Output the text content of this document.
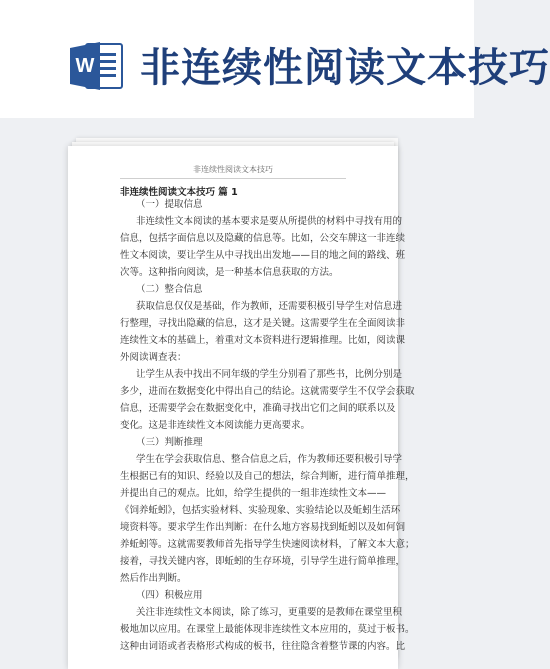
W 非连续性阅读文本技巧
非连续性阅读文本技巧
非连续性阅读文本技巧 篇 1
（一）提取信息
非连续性文本阅读的基本要求是要从所提供的材料中寻找有用的
信息，包括字面信息以及隐藏的信息等。比如，公交车牌这一非连续
性文本阅读，要让学生从中寻找出出发地——目的地之间的路线、班
次等。这种指向阅读，是一种基本信息获取的方法。
（二）整合信息
获取信息仅仅是基础，作为教师，还需要积极引导学生对信息进
行整理，寻找出隐藏的信息，这才是关键。这需要学生在全面阅读非
连续性文本的基础上，着重对文本资料进行逻辑推理。比如，阅读课
外阅读调查表：
让学生从表中找出不同年级的学生分别看了那些书，比例分别是
多少，进而在数据变化中得出自己的结论。这就需要学生不仅学会获取
信息，还需要学会在数据变化中，准确寻找出它们之间的联系以及
变化。这是非连续性文本阅读能力更高要求。
（三）判断推理
学生在学会获取信息、整合信息之后，作为教师还要积极引导学
生根据已有的知识、经验以及自己的想法，综合判断，进行简单推理，
并提出自己的观点。比如，给学生提供的一组非连续性文本——
《饲养蚯蚓》，包括实验材料、实验现象、实验结论以及蚯蚓生活环
境资料等。要求学生作出判断：在什么地方容易找到蚯蚓以及如何饲
养蚯蚓等。这就需要教师首先指导学生快速阅读材料，了解文本大意；
接着，寻找关键内容，即蚯蚓的生存环境，引导学生进行简单推理，
然后作出判断。
（四）积极应用
关注非连续性文本阅读，除了练习，更重要的是教师在课堂里积
极地加以应用。在课堂上最能体现非连续性文本应用的，莫过于板书。
这种由词语或者表格形式构成的板书，往往隐含着整节课的内容。比
